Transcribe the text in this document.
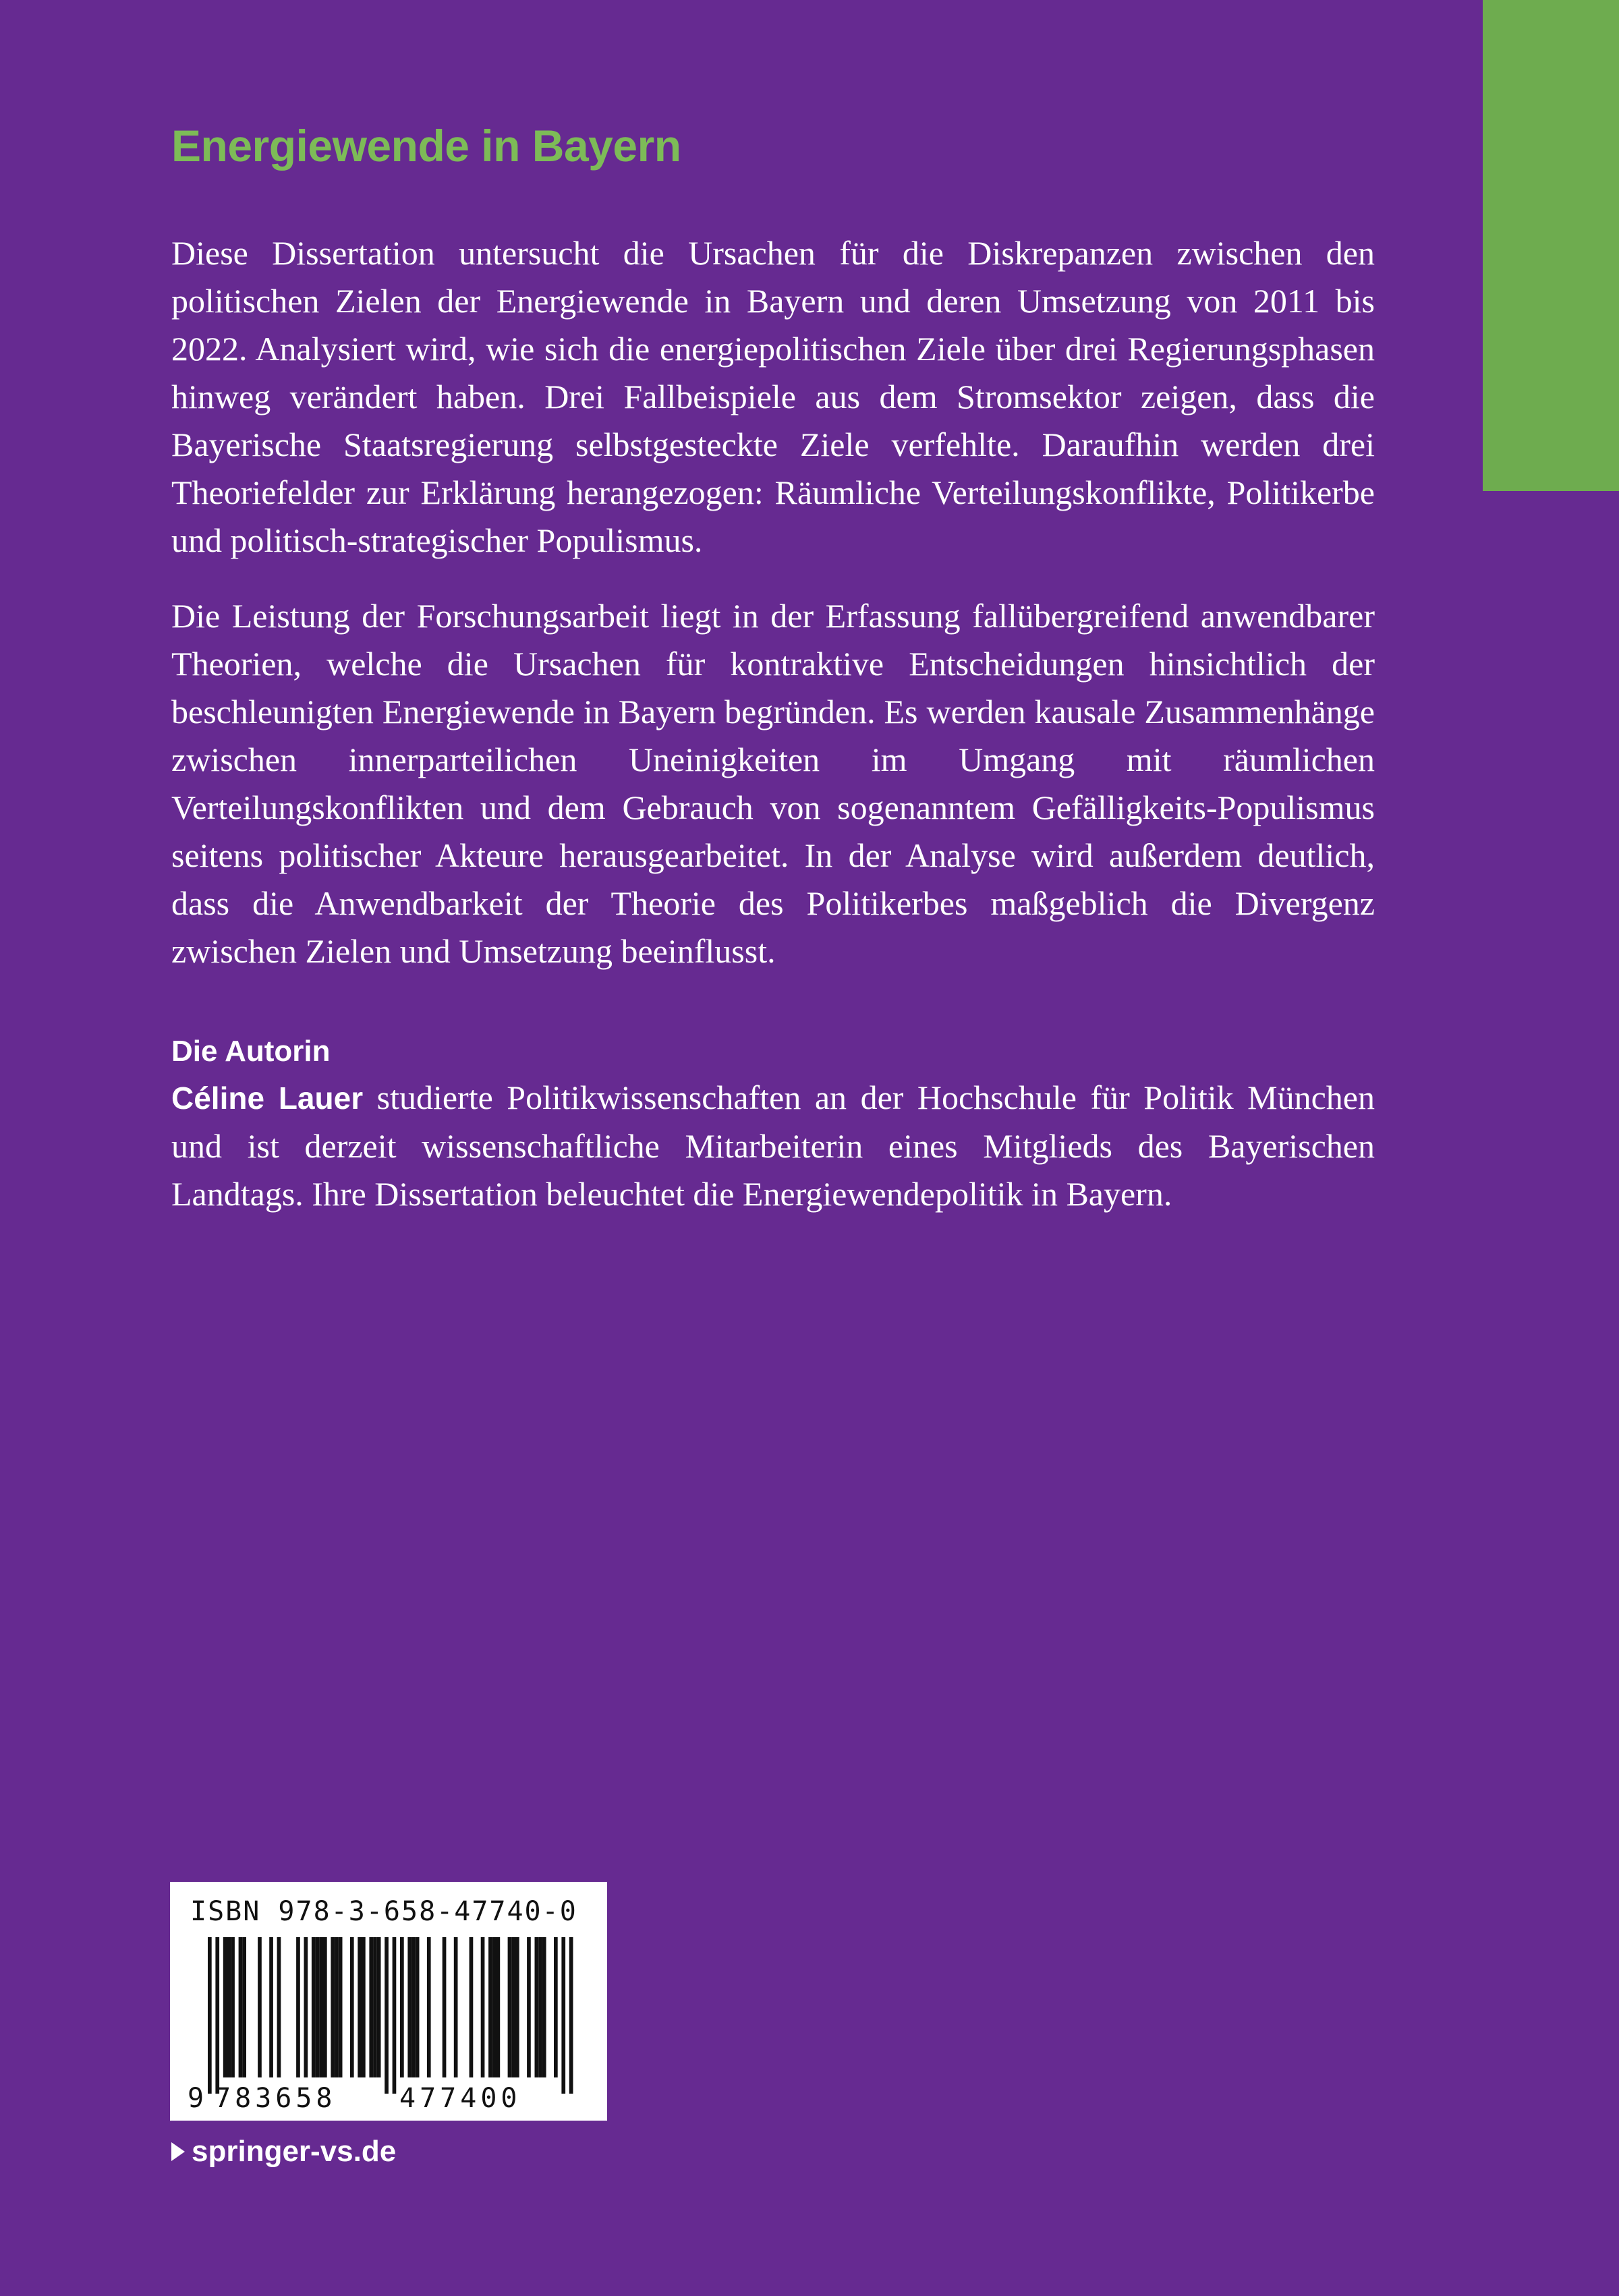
Energiewende in Bayern

Diese Dissertation untersucht die Ursachen für die Diskrepanzen zwischen den politischen Zielen der Energiewende in Bayern und deren Umsetzung von 2011 bis 2022. Analysiert wird, wie sich die energiepolitischen Ziele über drei Regierungsphasen hinweg verändert haben. Drei Fallbeispiele aus dem Stromsektor zeigen, dass die Bayerische Staatsregierung selbstgesteckte Ziele verfehlte. Daraufhin werden drei Theoriefelder zur Erklärung herangezogen: Räumliche Verteilungskonflikte, Politikerbe und politisch-strategischer Populismus.

Die Leistung der Forschungsarbeit liegt in der Erfassung fallübergreifend anwendbarer Theorien, welche die Ursachen für kontraktive Entscheidungen hinsichtlich der beschleunigten Energiewende in Bayern begründen. Es werden kausale Zusammenhänge zwischen innerparteilichen Uneinigkeiten im Umgang mit räumlichen Verteilungskonflikten und dem Gebrauch von sogenanntem Gefälligkeits-Populismus seitens politischer Akteure herausgearbeitet. In der Analyse wird außerdem deutlich, dass die Anwendbarkeit der Theorie des Politikerbes maßgeblich die Divergenz zwischen Zielen und Umsetzung beeinflusst.

Die Autorin

Céline Lauer studierte Politikwissenschaften an der Hochschule für Politik München und ist derzeit wissenschaftliche Mitarbeiterin eines Mitglieds des Bayerischen Landtags. Ihre Dissertation beleuchtet die Energiewendepolitik in Bayern.

ISBN 978-3-658-47740-0
9 783658 477400
springer-vs.de
